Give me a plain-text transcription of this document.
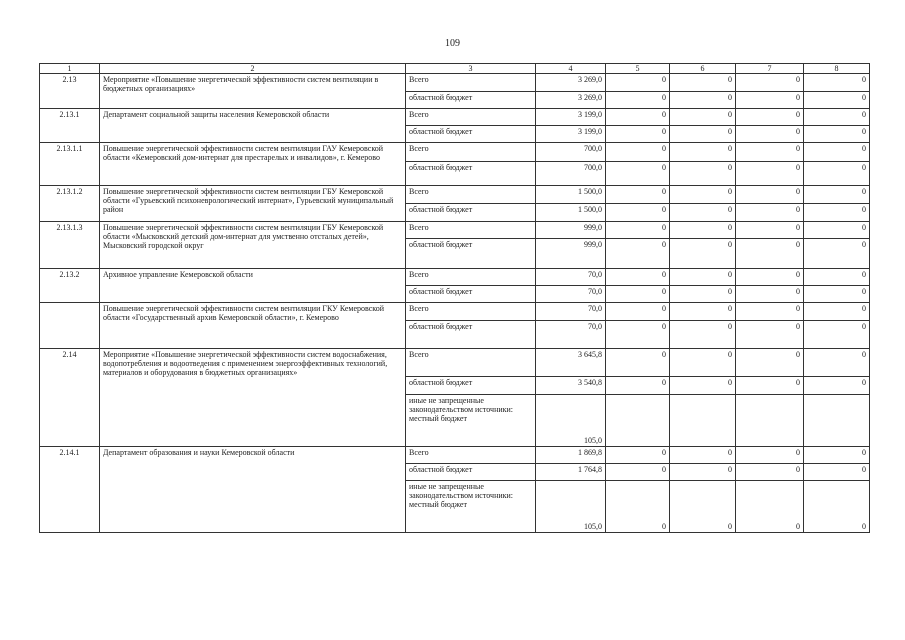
109
1	2	3	4	5	6	7	8
2.13	Мероприятие «Повышение энергетической эффективности систем вентиляции в бюджетных организациях»	Всего	3 269,0	0	0	0	0
		областной бюджет	3 269,0	0	0	0	0
2.13.1	Департамент социальной защиты населения Кемеровской области	Всего	3 199,0	0	0	0	0
		областной бюджет	3 199,0	0	0	0	0
2.13.1.1	Повышение энергетической эффективности систем вентиляции ГАУ Кемеровской области «Кемеровский дом-интернат для престарелых и инвалидов», г. Кемерово	Всего	700,0	0	0	0	0
		областной бюджет	700,0	0	0	0	0
2.13.1.2	Повышение энергетической эффективности систем вентиляции ГБУ Кемеровской области «Гурьевский психоневрологический интернат», Гурьевский муниципальный район	Всего	1 500,0	0	0	0	0
		областной бюджет	1 500,0	0	0	0	0
2.13.1.3	Повышение энергетической эффективности систем вентиляции ГБУ Кемеровской области «Мысковский детский дом-интернат для умственно отсталых детей», Мысковский городской округ	Всего	999,0	0	0	0	0
		областной бюджет	999,0	0	0	0	0
2.13.2	Архивное управление Кемеровской области	Всего	70,0	0	0	0	0
		областной бюджет	70,0	0	0	0	0
	Повышение энергетической эффективности систем вентиляции ГКУ Кемеровской области «Государственный архив Кемеровской области», г. Кемерово	Всего	70,0	0	0	0	0
		областной бюджет	70,0	0	0	0	0
2.14	Мероприятие «Повышение энергетической эффективности систем водоснабжения, водопотребления и водоотведения с применением энергоэффективных технологий, материалов и оборудования в бюджетных организациях»	Всего	3 645,8	0	0	0	0
		областной бюджет	3 540,8	0	0	0	0
		иные не запрещенные законодательством источники: местный бюджет	105,0				
2.14.1	Департамент образования и науки Кемеровской области	Всего	1 869,8	0	0	0	0
		областной бюджет	1 764,8	0	0	0	0
		иные не запрещенные законодательством источники: местный бюджет	105,0	0	0	0	0
